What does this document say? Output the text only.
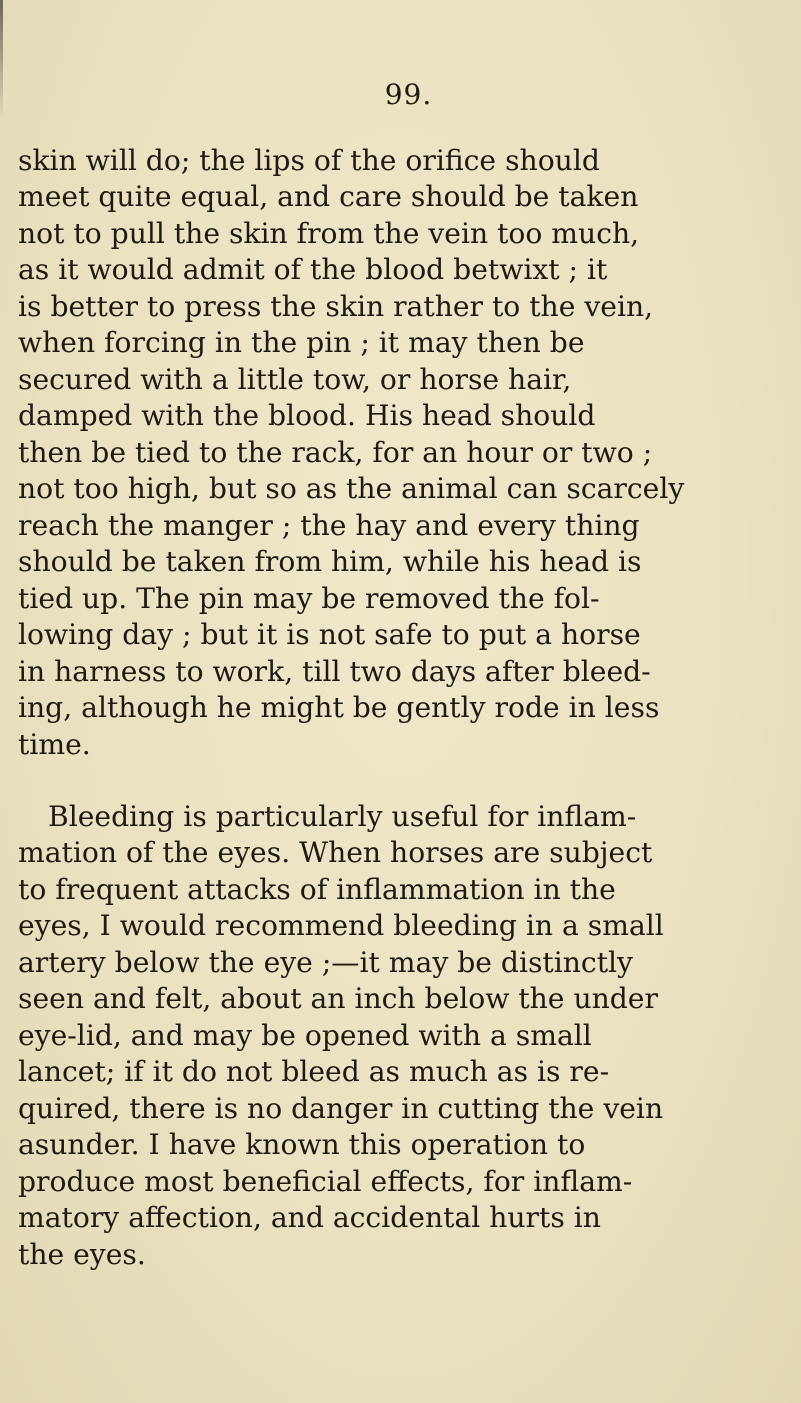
99.
skin will do; the lips of the orifice should
meet quite equal, and care should be taken
not to pull the skin from the vein too much,
as it would admit of the blood betwixt ; it
is better to press the skin rather to the vein,
when forcing in the pin ; it may then be
secured with a little tow, or horse hair,
damped with the blood. His head should
then be tied to the rack, for an hour or two ;
not too high, but so as the animal can scarcely
reach the manger ; the hay and every thing
should be taken from him, while his head is
tied up. The pin may be removed the fol-
lowing day ; but it is not safe to put a horse
in harness to work, till two days after bleed-
ing, although he might be gently rode in less
time.
Bleeding is particularly useful for inflam-
mation of the eyes. When horses are subject
to frequent attacks of inflammation in the
eyes, I would recommend bleeding in a small
artery below the eye ;—it may be distinctly
seen and felt, about an inch below the under
eye-lid, and may be opened with a small
lancet; if it do not bleed as much as is re-
quired, there is no danger in cutting the vein
asunder. I have known this operation to
produce most beneficial effects, for inflam-
matory affection, and accidental hurts in
the eyes.
